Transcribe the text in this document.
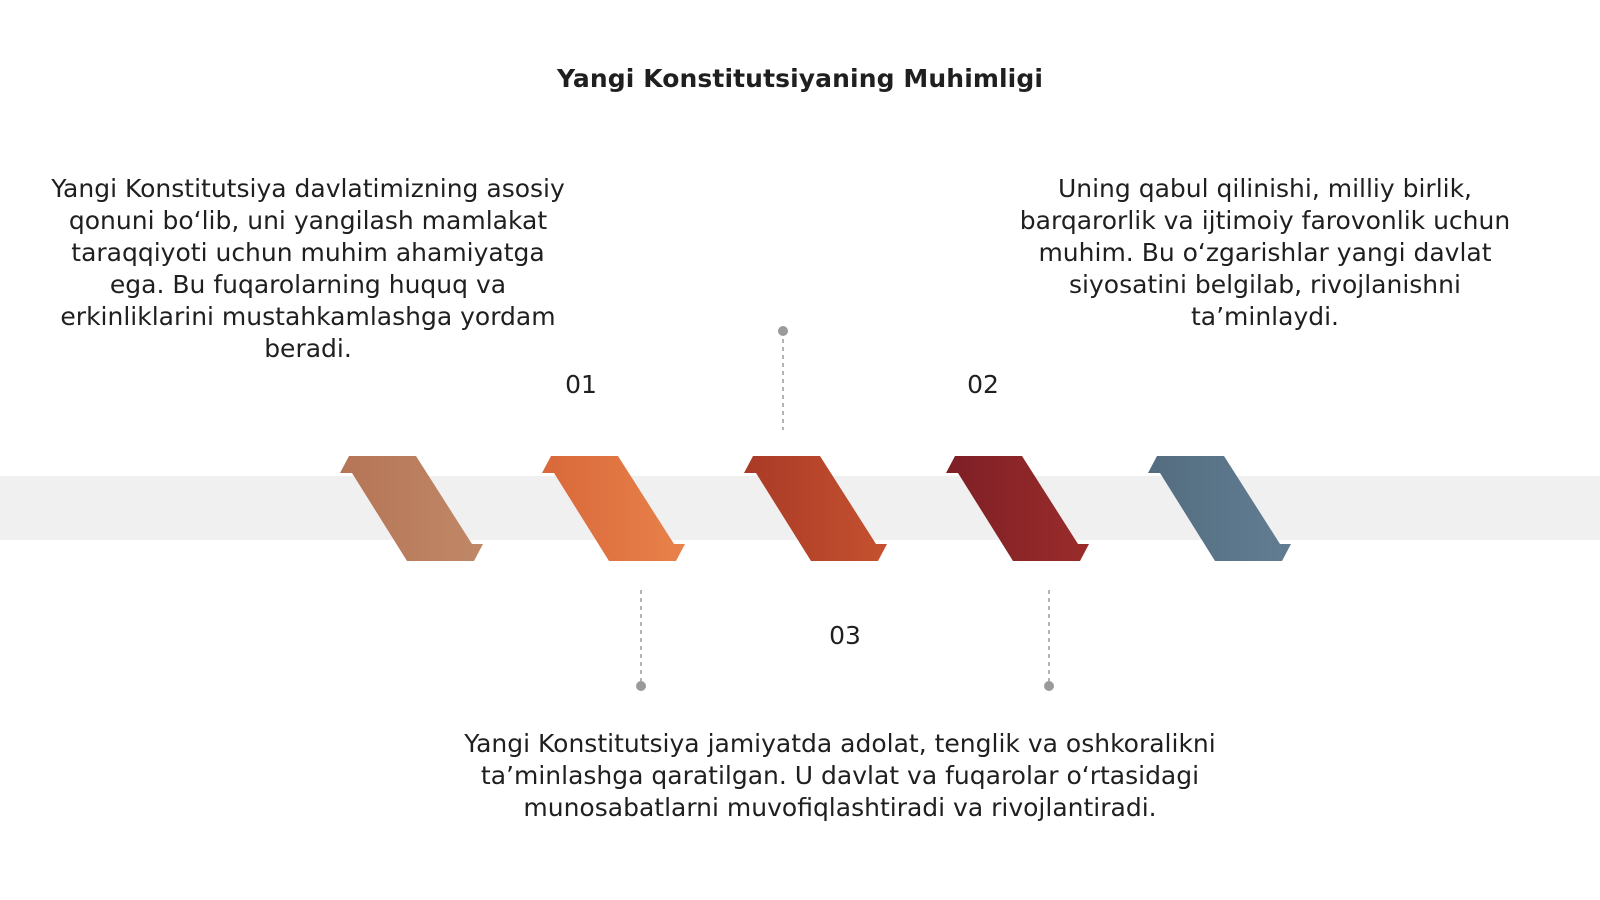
Yangi Konstitutsiyaning Muhimligi
Yangi Konstitutsiya davlatimizning asosiy qonuni bo‘lib, uni yangilash mamlakat taraqqiyoti uchun muhim ahamiyatga ega. Bu fuqarolarning huquq va erkinliklarini mustahkamlashga yordam beradi.
01
Uning qabul qilinishi, milliy birlik, barqarorlik va ijtimoiy farovonlik uchun muhim. Bu o‘zgarishlar yangi davlat siyosatini belgilab, rivojlanishni ta’minlaydi.
02
03
Yangi Konstitutsiya jamiyatda adolat, tenglik va oshkoralikni ta’minlashga qaratilgan. U davlat va fuqarolar o‘rtasidagi munosabatlarni muvofiqlashtiradi va rivojlantiradi.
